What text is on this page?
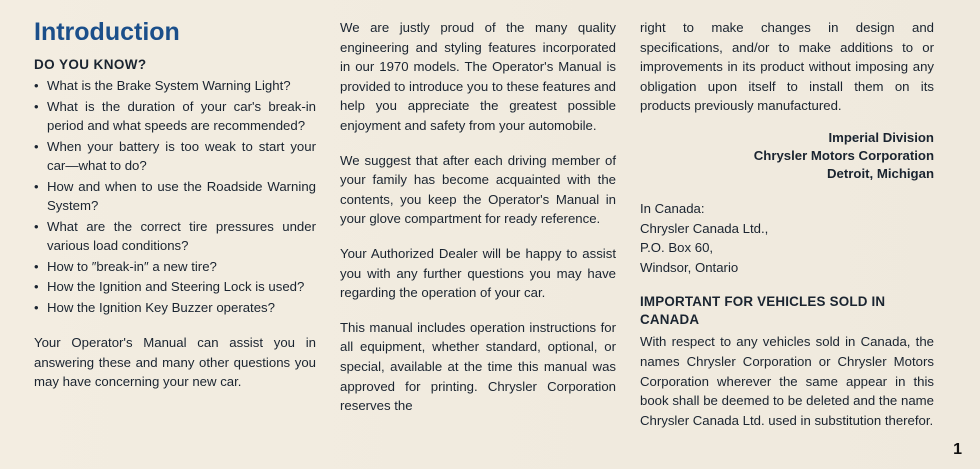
Introduction
DO YOU KNOW?
• What is the Brake System Warning Light?
• What is the duration of your car's break-in period and what speeds are recommended?
• When your battery is too weak to start your car—what to do?
• How and when to use the Roadside Warning System?
• What are the correct tire pressures under various load conditions?
• How to ″break-in″ a new tire?
• How the Ignition and Steering Lock is used?
• How the Ignition Key Buzzer operates?

Your Operator's Manual can assist you in answering these and many other questions you may have concerning your new car.

We are justly proud of the many quality engineering and styling features incorporated in our 1970 models. The Operator's Manual is provided to introduce you to these features and help you appreciate the greatest possible enjoyment and safety from your automobile.

We suggest that after each driving member of your family has become acquainted with the contents, you keep the Operator's Manual in your glove compartment for ready reference.

Your Authorized Dealer will be happy to assist you with any further questions you may have regarding the operation of your car.

This manual includes operation instructions for all equipment, whether standard, optional, or special, available at the time this manual was approved for printing. Chrysler Corporation reserves the

right to make changes in design and specifications, and/or to make additions to or improvements in its product without imposing any obligation upon itself to install them on its products previously manufactured.

Imperial Division
Chrysler Motors Corporation
Detroit, Michigan
In Canada:
Chrysler Canada Ltd.,
P.O. Box 60,
Windsor, Ontario
IMPORTANT FOR VEHICLES SOLD IN CANADA

With respect to any vehicles sold in Canada, the names Chrysler Corporation or Chrysler Motors Corporation wherever the same appear in this book shall be deemed to be deleted and the name Chrysler Canada Ltd. used in substitution therefor.

1
